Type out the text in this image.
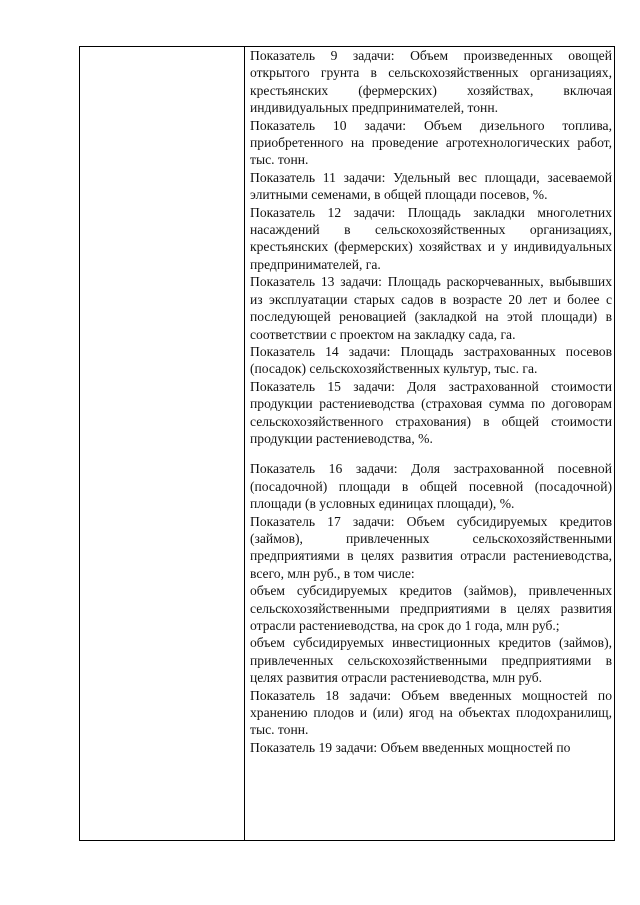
Показатель 9 задачи: Объем произведенных овощей открытого грунта в сельскохозяйственных организациях, крестьянских (фермерских) хозяйствах, включая индивидуальных предпринимателей, тонн.

Показатель 10 задачи: Объем дизельного топлива, приобретенного на проведение агротехнологических работ, тыс. тонн.

Показатель 11 задачи: Удельный вес площади, засеваемой элитными семенами, в общей площади посевов, %.

Показатель 12 задачи: Площадь закладки многолетних насаждений в сельскохозяйственных организациях, крестьянских (фермерских) хозяйствах и у индивидуальных предпринимателей, га.

Показатель 13 задачи: Площадь раскорчеванных, выбывших из эксплуатации старых садов в возрасте 20 лет и более с последующей реновацией (закладкой на этой площади) в соответствии с проектом на закладку сада, га.

Показатель 14 задачи: Площадь застрахованных посевов (посадок) сельскохозяйственных культур, тыс. га.

Показатель 15 задачи: Доля застрахованной стоимости продукции растениеводства (страховая сумма по договорам сельскохозяйственного страхования) в общей стоимости продукции растениеводства, %.

Показатель 16 задачи: Доля застрахованной посевной (посадочной) площади в общей посевной (посадочной) площади (в условных единицах площади), %.

Показатель 17 задачи: Объем субсидируемых кредитов (займов), привлеченных сельскохозяйственными предприятиями в целях развития отрасли растениеводства, всего, млн руб., в том числе:

объем субсидируемых кредитов (займов), привлеченных сельскохозяйственными предприятиями в целях развития отрасли растениеводства, на срок до 1 года, млн руб.;

объем субсидируемых инвестиционных кредитов (займов), привлеченных сельскохозяйственными предприятиями в целях развития отрасли растениеводства, млн руб.

Показатель 18 задачи: Объем введенных мощностей по хранению плодов и (или) ягод на объектах плодохранилищ, тыс. тонн.

Показатель 19 задачи: Объем введенных мощностей по
